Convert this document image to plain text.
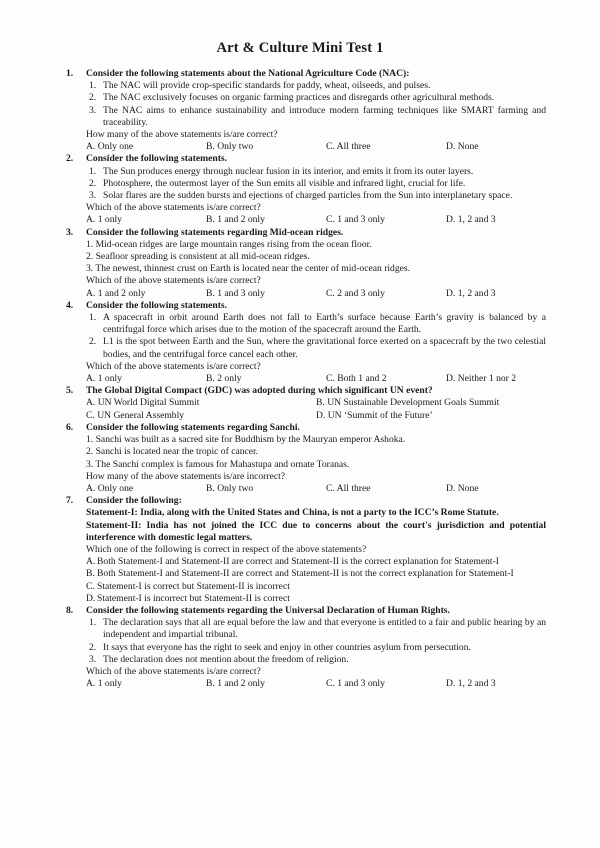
Art & Culture Mini Test 1
1. Consider the following statements about the National Agriculture Code (NAC):
1. The NAC will provide crop-specific standards for paddy, wheat, oilseeds, and pulses.
2. The NAC exclusively focuses on organic farming practices and disregards other agricultural methods.
3. The NAC aims to enhance sustainability and introduce modern farming techniques like SMART farming and traceability.
How many of the above statements is/are correct?
A. Only one	B. Only two	C. All three	D. None
2. Consider the following statements.
1. The Sun produces energy through nuclear fusion in its interior, and emits it from its outer layers.
2. Photosphere, the outermost layer of the Sun emits all visible and infrared light, crucial for life.
3. Solar flares are the sudden bursts and ejections of charged particles from the Sun into interplanetary space.
Which of the above statements is/are correct?
A. 1 only	B. 1 and 2 only	C. 1 and 3 only	D. 1, 2 and 3
3. Consider the following statements regarding Mid-ocean ridges.
1. Mid-ocean ridges are large mountain ranges rising from the ocean floor.
2. Seafloor spreading is consistent at all mid-ocean ridges.
3. The newest, thinnest crust on Earth is located near the center of mid-ocean ridges.
Which of the above statements is/are correct?
A. 1 and 2 only	B. 1 and 3 only	C. 2 and 3 only	D. 1, 2 and 3
4. Consider the following statements.
1. A spacecraft in orbit around Earth does not fall to Earth’s surface because Earth’s gravity is balanced by a centrifugal force which arises due to the motion of the spacecraft around the Earth.
2. L1 is the spot between Earth and the Sun, where the gravitational force exerted on a spacecraft by the two celestial bodies, and the centrifugal force cancel each other.
Which of the above statements is/are correct?
A. 1 only	B. 2 only	C. Both 1 and 2	D. Neither 1 nor 2
5. The Global Digital Compact (GDC) was adopted during which significant UN event?
A. UN World Digital Summit	B. UN Sustainable Development Goals Summit
C. UN General Assembly	D. UN ‘Summit of the Future’
6. Consider the following statements regarding Sanchi.
1. Sanchi was built as a sacred site for Buddhism by the Mauryan emperor Ashoka.
2. Sanchi is located near the tropic of cancer.
3. The Sanchi complex is famous for Mahastupa and ornate Toranas.
How many of the above statements is/are incorrect?
A. Only one	B. Only two	C. All three	D. None
7. Consider the following:
Statement-I: India, along with the United States and China, is not a party to the ICC’s Rome Statute.
Statement-II: India has not joined the ICC due to concerns about the court's jurisdiction and potential interference with domestic legal matters.
Which one of the following is correct in respect of the above statements?
A. Both Statement-I and Statement-II are correct and Statement-II is the correct explanation for Statement-I
B. Both Statement-I and Statement-II are correct and Statement-II is not the correct explanation for Statement-I
C. Statement-I is correct but Statement-II is incorrect
D. Statement-I is incorrect but Statement-II is correct
8. Consider the following statements regarding the Universal Declaration of Human Rights.
1. The declaration says that all are equal before the law and that everyone is entitled to a fair and public hearing by an independent and impartial tribunal.
2. It says that everyone has the right to seek and enjoy in other countries asylum from persecution.
3. The declaration does not mention about the freedom of religion.
Which of the above statements is/are correct?
A. 1 only	B. 1 and 2 only	C. 1 and 3 only	D. 1, 2 and 3
